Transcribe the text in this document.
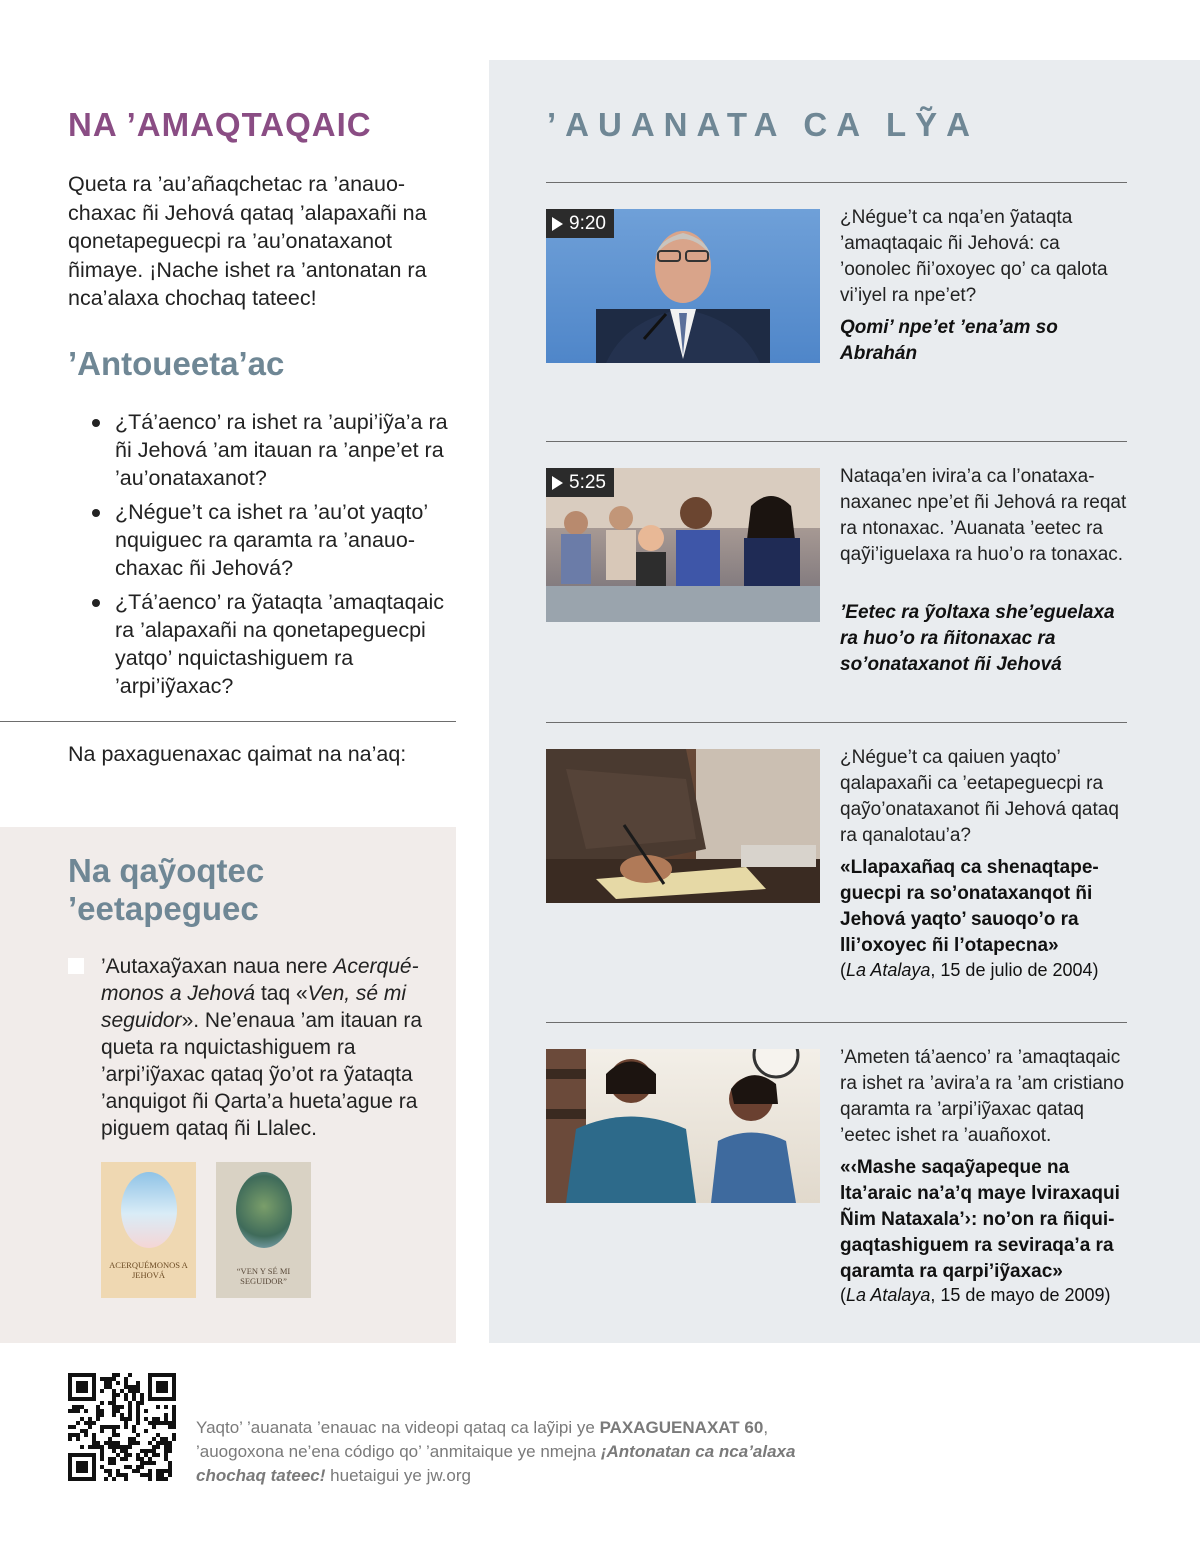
NA ’AMAQTAQAIC

Queta ra ’au’añaqchetac ra ’anauochaxac ñi Jehová qataq ’alapaxañi na qonetapeguecpi ra ’au’onataxanot ñimaye. ¡Nache ishet ra ’antonatan ra nca’alaxa chochaq tateec!

’Antoueeta’ac
¿Tá’aenco’ ra ishet ra ’aupi’iỹa’a ra ñi Jehová ’am itauan ra ’anpe’et ra ’au’onataxanot?
¿Négue’t ca ishet ra ’au’ot yaqto’ nquiguec ra qaramta ra ’anauochaxac ñi Jehová?
¿Tá’aenco’ ra ỹataqta ’amaqtaqaic ra ’alapaxañi na qonetapeguecpi yatqo’ nquictashiguem ra ’arpi’iỹaxac?

Na paxaguenaxac qaimat na na’aq:

Na qaỹoqtec ’eetapeguec

’Autaxaỹaxan naua nere Acerquémonos a Jehová taq «Ven, sé mi seguidor». Ne’enaua ’am itauan ra queta ra nquictashiguem ra ’arpi’iỹaxac qataq ỹo’ot ra ỹataqta ’anquigot ñi Qarta’a hueta’ague ra piguem qataq ñi Llalec.

ACERQUÉMONOS A JEHOVÁ	“VEN Y SÉ MI SEGUIDOR”
’AUANATA CA LỸA
9:20	¿Négue’t ca nqa’en ỹataqta ’amaqtaqaic ñi Jehová: ca ’oonolec ñi’oxoyec qo’ ca qalota vi’iyel ra npe’et?

Qomi’ npe’et ’ena’am so Abrahán

5:25	Nataqa’en ivira’a ca l’onataxanaxanec npe’et ñi Jehová ra reqat ra ntonaxac. ’Auanata ’eetec ra qaỹi’iguelaxa ra huo’o ra tonaxac.

’Eetec ra ỹoltaxa she’eguelaxa ra huo’o ra ñitonaxac ra so’onataxanot ñi Jehová

¿Négue’t ca qaiuen yaqto’ qalapaxañi ca ’eetapeguecpi ra qaỹo’onataxanot ñi Jehová qataq ra qanalotau’a?

«Llapaxañaq ca shenaqtapeguecpi ra so’onataxanqot ñi Jehová yaqto’ sauoqo’o ra lli’oxoyec ñi l’otapecna»

(La Atalaya, 15 de julio de 2004)

’Ameten tá’aenco’ ra ’amaqtaqaic ra ishet ra ’avira’a ra ’am cristiano qaramta ra ’arpi’iỹaxac qataq ’eetec ishet ra ’auañoxot.

«‹Mashe saqaỹapeque na lta’araic na’a’q maye lviraxaqui Ñim Nataxala’›: no’on ra ñiquigaqtashiguem ra seviraqa’a ra qaramta ra qarpi’iỹaxac»

(La Atalaya, 15 de mayo de 2009)

Yaqto’ ’auanata ’enauac na videopi qataq ca laỹipi ye PAXAGUENAXAT 60, ’auogoxona ne’ena código qo’ ’anmitaique ye nmejna ¡Antonatan ca nca’alaxa chochaq tateec! huetaigui ye jw.org
